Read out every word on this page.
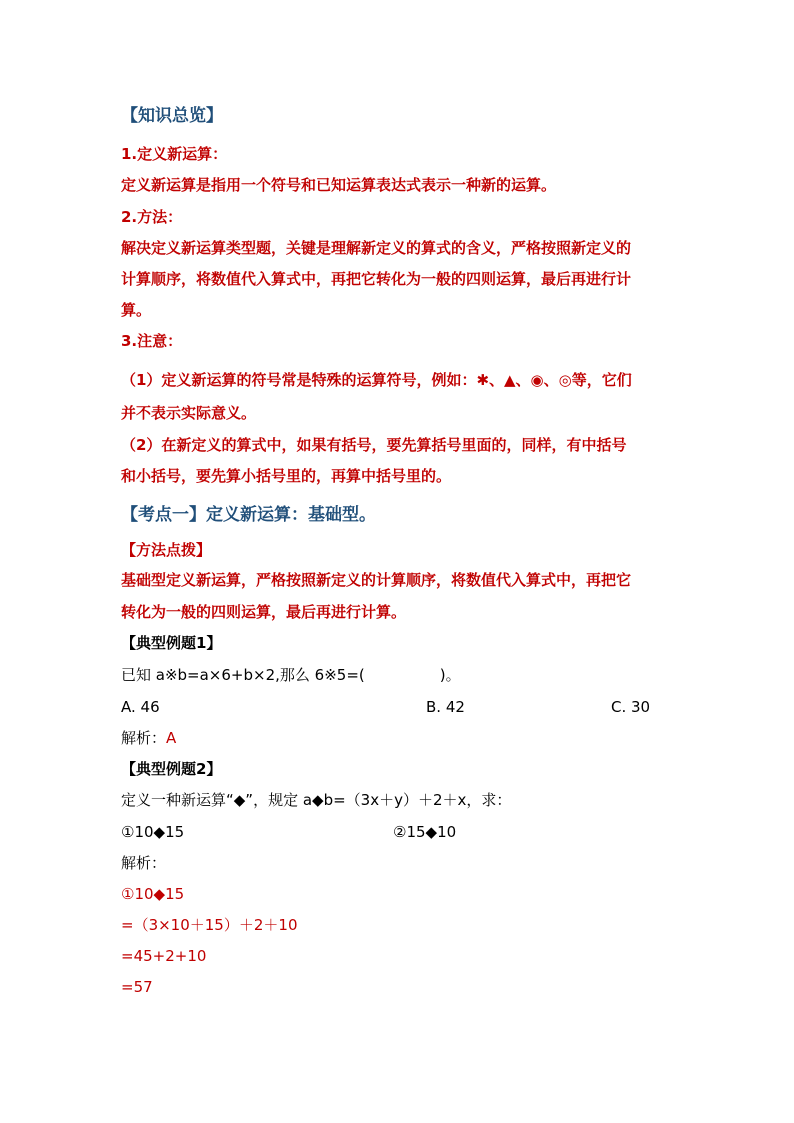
【知识总览】
1.定义新运算：
定义新运算是指用一个符号和已知运算表达式表示一种新的运算。
2.方法：
解决定义新运算类型题，关键是理解新定义的算式的含义，严格按照新定义的
计算顺序，将数值代入算式中，再把它转化为一般的四则运算，最后再进行计
算。
3.注意：
（1）定义新运算的符号常是特殊的运算符号，例如：✱、▲、◉、◎等，它们
并不表示实际意义。
（2）在新定义的算式中，如果有括号，要先算括号里面的，同样，有中括号
和小括号，要先算小括号里的，再算中括号里的。
【考点一】定义新运算：基础型。
【方法点拨】
基础型定义新运算，严格按照新定义的计算顺序，将数值代入算式中，再把它
转化为一般的四则运算，最后再进行计算。
【典型例题1】
已知 a※b=a×6+b×2,那么 6※5=(　　　　　)。
A. 46	B. 42	C. 30
解析：A
【典型例题2】
定义一种新运算“◆”，规定 a◆b=（3x＋y）＋2＋x，求：
①10◆15	②15◆10
解析：
①10◆15
=（3×10＋15）＋2＋10
=45+2+10
=57
